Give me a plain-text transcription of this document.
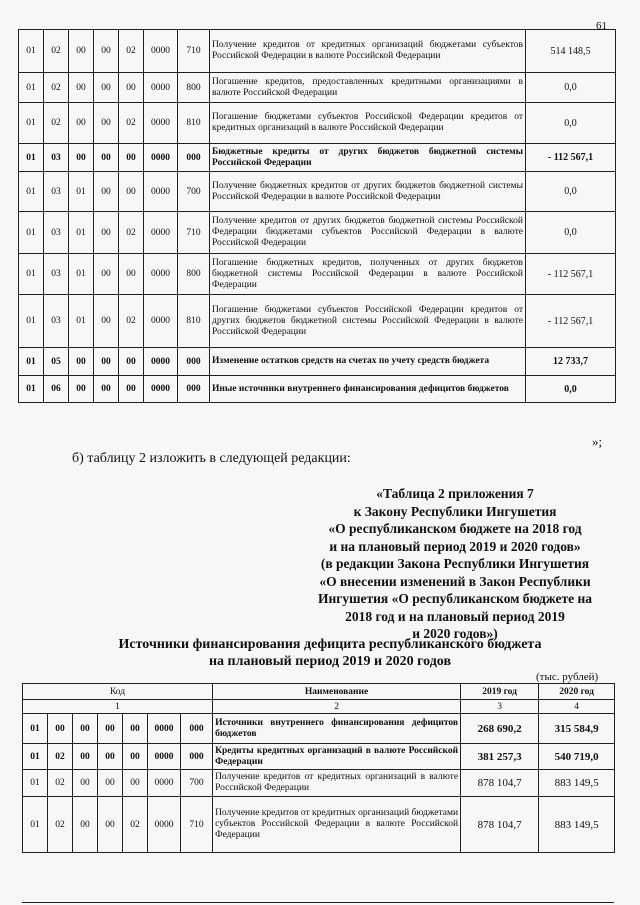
61
01	02	00	00	02	0000	710	Получение кредитов от кредитных организаций бюджетами субъектов Российской Федерации в валюте Российской Федерации	514 148,5
01	02	00	00	00	0000	800	Погашение кредитов, предоставленных кредитными организациями в валюте Российской Федерации	0,0
01	02	00	00	02	0000	810	Погашение бюджетами субъектов Российской Федерации кредитов от кредитных организаций в валюте Российской Федерации	0,0
01	03	00	00	00	0000	000	Бюджетные кредиты от других бюджетов бюджетной системы Российской Федерации	- 112 567,1
01	03	01	00	00	0000	700	Получение бюджетных кредитов от других бюджетов бюджетной системы Российской Федерации в валюте Российской Федерации	0,0
01	03	01	00	02	0000	710	Получение кредитов от других бюджетов бюджетной системы Российской Федерации бюджетами субъектов Российской Федерации в валюте Российской Федерации	0,0
01	03	01	00	00	0000	800	Погашение бюджетных кредитов, полученных от других бюджетов бюджетной системы Российской Федерации в валюте Российской Федерации	- 112 567,1
01	03	01	00	02	0000	810	Погашение бюджетами субъектов Российской Федерации кредитов от других бюджетов бюджетной системы Российской Федерации в валюте Российской Федерации	- 112 567,1
01	05	00	00	00	0000	000	Изменение остатков средств на счетах по учету средств бюджета	12 733,7
01	06	00	00	00	0000	000	Иные источники внутреннего финансирования дефицитов бюджетов	0,0
»;
б) таблицу 2 изложить в следующей редакции:
«Таблица 2 приложения 7
к Закону Республики Ингушетия
«О республиканском бюджете на 2018 год
и на плановый период 2019 и 2020 годов»
(в редакции Закона Республики Ингушетия
«О внесении изменений в Закон Республики
Ингушетия «О республиканском бюджете на
2018 год и на плановый период 2019
и 2020 годов»)
Источники финансирования дефицита республиканского бюджета
на плановый период 2019 и 2020 годов
(тыс. рублей)
Код							Наименование	2019 год	2020 год
1							2	3	4
01	00	00	00	00	0000	000	Источники внутреннего финансирования дефицитов бюджетов	268 690,2	315 584,9
01	02	00	00	00	0000	000	Кредиты кредитных организаций в валюте Российской Федерации	381 257,3	540 719,0
01	02	00	00	00	0000	700	Получение кредитов от кредитных организаций в валюте Российской Федерации	878 104,7	883 149,5
01	02	00	00	02	0000	710	Получение кредитов от кредитных организаций бюджетами субъектов Российской Федерации в валюте Российской Федерации	878 104,7	883 149,5
